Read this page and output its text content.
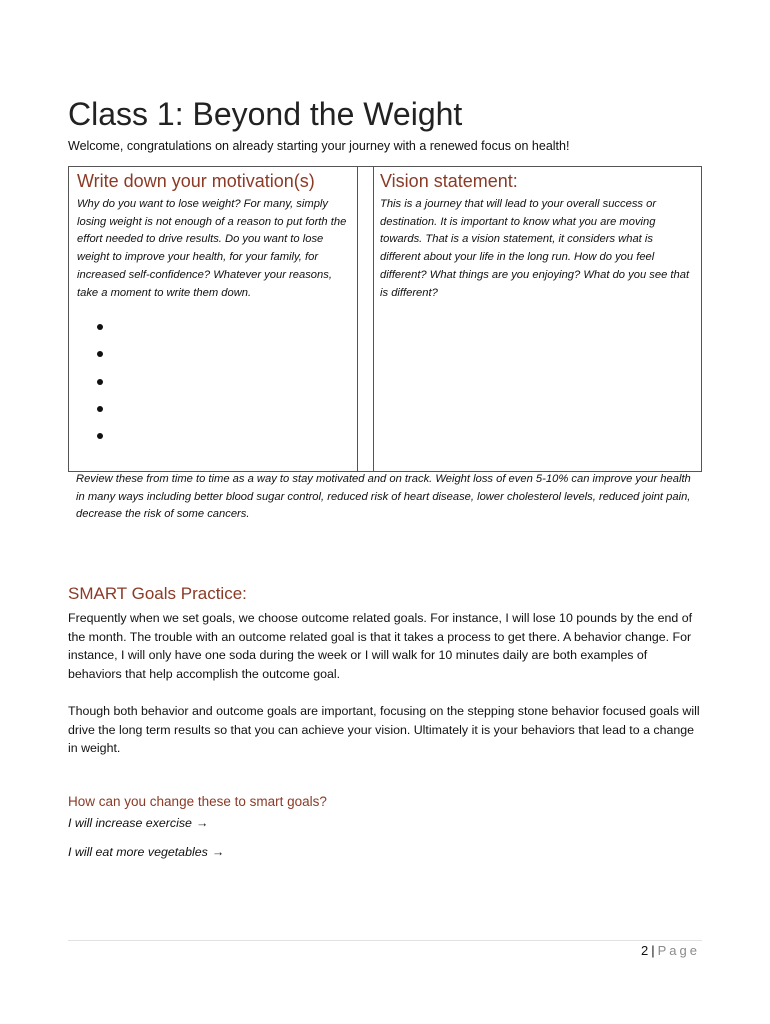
Class 1: Beyond the Weight
Welcome, congratulations on already starting your journey with a renewed focus on health!
Write down your motivation(s)

Why do you want to lose weight? For many, simply losing weight is not enough of a reason to put forth the effort needed to drive results. Do you want to lose weight to improve your health, for your family, for increased self-confidence? Whatever your reasons, take a moment to write them down.

Vision statement:

This is a journey that will lead to your overall success or destination. It is important to know what you are moving towards. That is a vision statement, it considers what is different about your life in the long run. How do you feel different? What things are you enjoying? What do you see that is different?

Review these from time to time as a way to stay motivated and on track. Weight loss of even 5-10% can improve your health in many ways including better blood sugar control, reduced risk of heart disease, lower cholesterol levels, reduced joint pain, decrease the risk of some cancers.

SMART Goals Practice:

Frequently when we set goals, we choose outcome related goals. For instance, I will lose 10 pounds by the end of the month. The trouble with an outcome related goal is that it takes a process to get there. A behavior change. For instance, I will only have one soda during the week or I will walk for 10 minutes daily are both examples of behaviors that help accomplish the outcome goal.

Though both behavior and outcome goals are important, focusing on the stepping stone behavior focused goals will drive the long term results so that you can achieve your vision. Ultimately it is your behaviors that lead to a change in weight.

How can you change these to smart goals?
I will increase exercise →
I will eat more vegetables →
2 | Page
